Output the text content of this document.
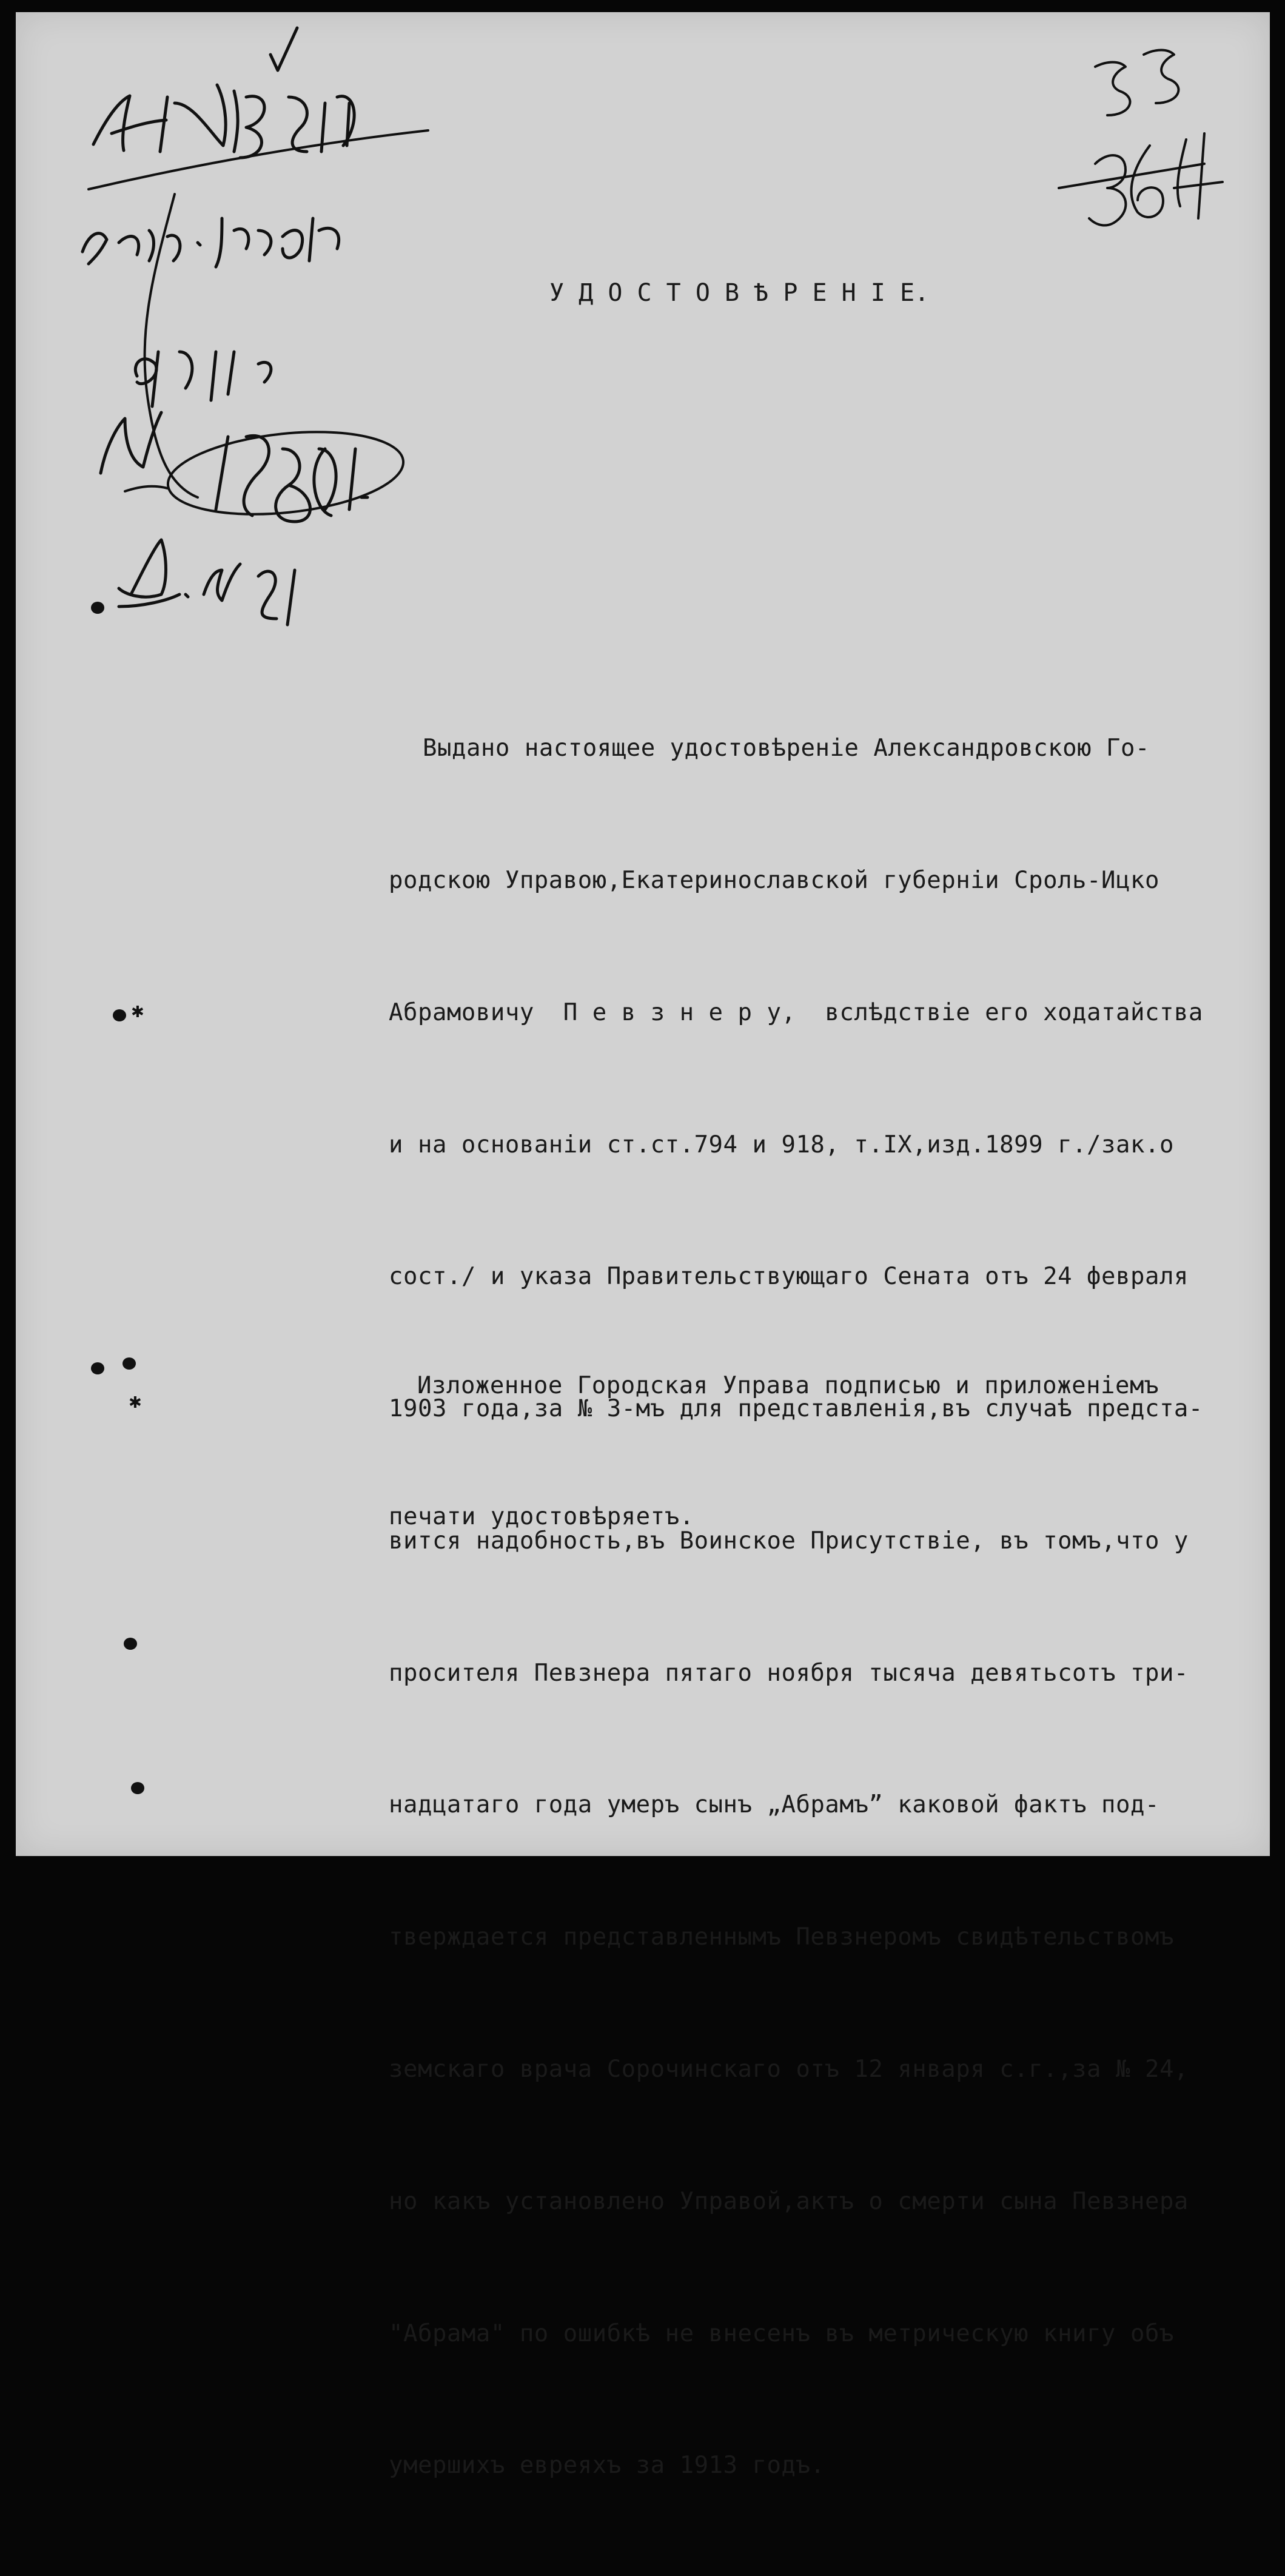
✱
✱
У Д О С Т О В Ѣ Р Е Н І Е.

Выдано настоящее удостовѣреніе Александровскою Го-

родскою Управою,Екатеринославской губерніи Сроль-Ицко

Абрамовичу  П е в з н е р у,  вслѣдствіе его ходатайства

и на основаніи ст.ст.794 и 918, т.IX,изд.1899 г./зак.о

сост./ и указа Правительствующаго Сената отъ 24 февраля

1903 года,за № 3-мъ для представленія,въ случаѣ предста-

вится надобность,въ Воинское Присутствіе, въ томъ,что у

просителя Певзнера пятаго ноября тысяча девятьсотъ три-

надцатаго года умеръ сынъ „Абрамъ” каковой фактъ под-

тверждается представленнымъ Певзнеромъ свидѣтельствомъ

земскаго врача Сорочинскаго отъ 12 января с.г.,за № 24,

но какъ установлено Управой,актъ о смерти сына Певзнера

"Абрама" по ошибкѣ не внесенъ въ метрическую книгу объ

умершихъ евреяхъ за 1913 годъ.

Изложенное Городская Управа подписью и приложеніемъ

печати удостовѣряетъ.
